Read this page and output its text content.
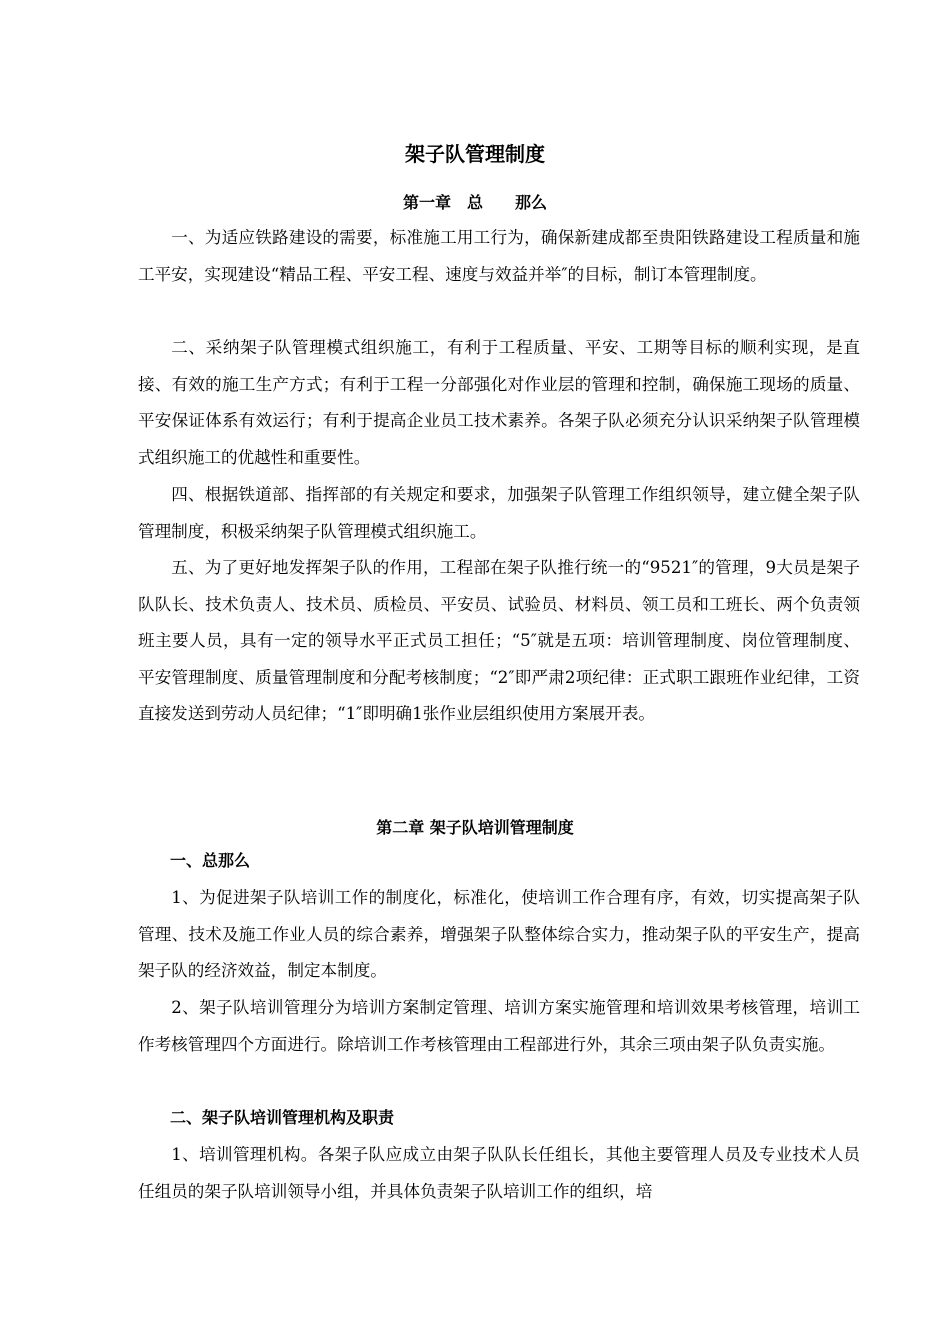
架子队管理制度
第一章　总　　那么

一、为适应铁路建设的需要，标准施工用工行为，确保新建成都至贵阳铁路建设工程质量和施工平安，实现建设“精品工程、平安工程、速度与效益并举″的目标，制订本管理制度。

二、采纳架子队管理模式组织施工，有利于工程质量、平安、工期等目标的顺利实现，是直接、有效的施工生产方式；有利于工程一分部强化对作业层的管理和控制，确保施工现场的质量、平安保证体系有效运行；有利于提高企业员工技术素养。各架子队必须充分认识采纳架子队管理模式组织施工的优越性和重要性。

四、根据铁道部、指挥部的有关规定和要求，加强架子队管理工作组织领导，建立健全架子队管理制度，积极采纳架子队管理模式组织施工。

五、为了更好地发挥架子队的作用，工程部在架子队推行统一的“9521″的管理，9大员是架子队队长、技术负责人、技术员、质检员、平安员、试验员、材料员、领工员和工班长、两个负责领班主要人员，具有一定的领导水平正式员工担任；“5″就是五项：培训管理制度、岗位管理制度、平安管理制度、质量管理制度和分配考核制度；“2″即严肃2项纪律：正式职工跟班作业纪律，工资直接发送到劳动人员纪律；“1″即明确1张作业层组织使用方案展开表。

第二章 架子队培训管理制度
一、总那么

1、为促进架子队培训工作的制度化，标准化，使培训工作合理有序，有效，切实提高架子队管理、技术及施工作业人员的综合素养，增强架子队整体综合实力，推动架子队的平安生产，提高架子队的经济效益，制定本制度。

2、架子队培训管理分为培训方案制定管理、培训方案实施管理和培训效果考核管理，培训工作考核管理四个方面进行。除培训工作考核管理由工程部进行外，其余三项由架子队负责实施。

二、架子队培训管理机构及职责

1、培训管理机构。各架子队应成立由架子队队长任组长，其他主要管理人员及专业技术人员任组员的架子队培训领导小组，并具体负责架子队培训工作的组织，培
